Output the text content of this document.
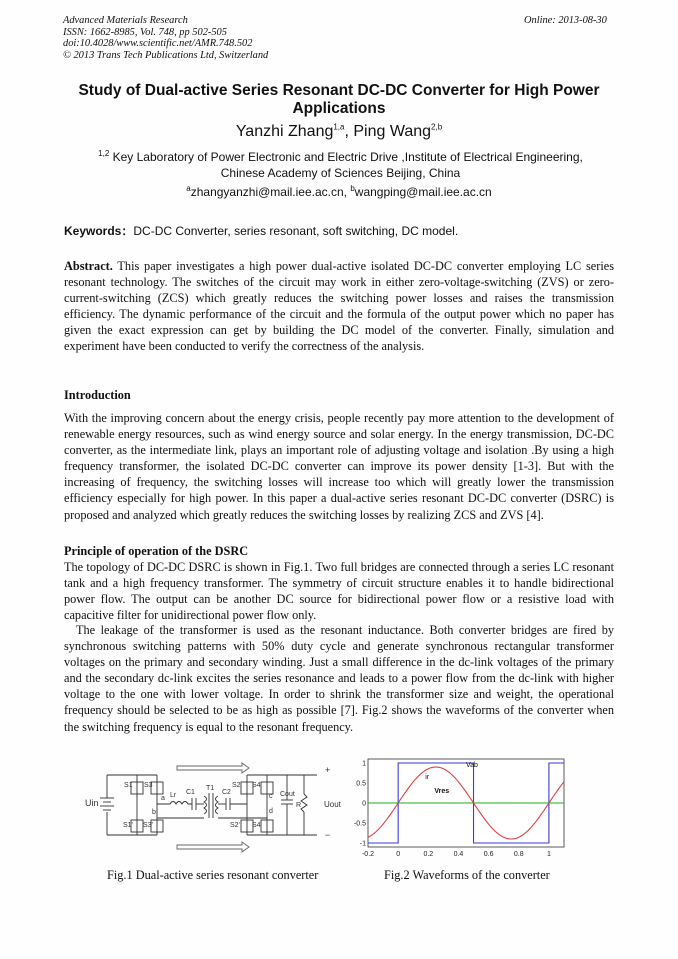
Advanced Materials Research
ISSN: 1662-8985, Vol. 748, pp 502-505
doi:10.4028/www.scientific.net/AMR.748.502
© 2013 Trans Tech Publications Ltd, Switzerland
Online: 2013-08-30
Study of Dual-active Series Resonant DC-DC Converter for High Power Applications
Yanzhi Zhang$^{1,a}$, Ping Wang$^{2,b}$
$^{1,2}$ Key Laboratory of Power Electronic and Electric Drive ,Institute of Electrical Engineering,
Chinese Academy of Sciences Beijing, China
$^a$zhangyanzhi@mail.iee.ac.cn, $^b$wangping@mail.iee.ac.cn
Keywords：DC-DC Converter, series resonant, soft switching, DC model.
Abstract. This paper investigates a high power dual-active isolated DC-DC converter employing LC series resonant technology. The switches of the circuit may work in either zero-voltage-switching (ZVS) or zero-current-switching (ZCS) which greatly reduces the switching power losses and raises the transmission efficiency. The dynamic performance of the circuit and the formula of the output power which no paper has given the exact expression can get by building the DC model of the converter. Finally, simulation and experiment have been conducted to verify the correctness of the analysis.
Introduction
With the improving concern about the energy crisis, people recently pay more attention to the development of renewable energy resources, such as wind energy source and solar energy. In the energy transmission, DC-DC converter, as the intermediate link, plays an important role of adjusting voltage and isolation .By using a high frequency transformer, the isolated DC-DC converter can improve its power density [1-3]. But with the increasing of frequency, the switching losses will increase too which will greatly lower the transmission efficiency especially for high power. In this paper a dual-active series resonant DC-DC converter (DSRC) is proposed and analyzed which greatly reduces the switching losses by realizing ZCS and ZVS [4].
Principle of operation of the DSRC
The topology of DC-DC DSRC is shown in Fig.1. Two full bridges are connected through a series LC resonant tank and a high frequency transformer. The symmetry of circuit structure enables it to handle bidirectional power flow. The output can be another DC source for bidirectional power flow or a resistive load with capacitive filter for unidirectional power flow only.
The leakage of the transformer is used as the resonant inductance. Both converter bridges are fired by synchronous switching patterns with 50% duty cycle and generate synchronous rectangular transformer voltages on the primary and secondary winding. Just a small difference in the dc-link voltages of the primary and the secondary dc-link excites the series resonance and leads to a power flow from the dc-link with higher voltage to the one with lower voltage. In order to shrink the transformer size and weight, the operational frequency should be selected to be as high as possible [7]. Fig.2 shows the waveforms of the converter when the switching frequency is equal to the resonant frequency.
Uin	Uout
Cout
R
S1 S3
S1' S3'
S2 S4
S2' S4'
a
b
c
d
Lr C1
T1
C2
+
−
1
0.5
0
-0.5
-1
-0.2	0	0.2	0.4	0.6	0.8	1
Vab
ir
Vres
Fig.1 Dual-active series resonant converter	Fig.2 Waveforms of the converter
